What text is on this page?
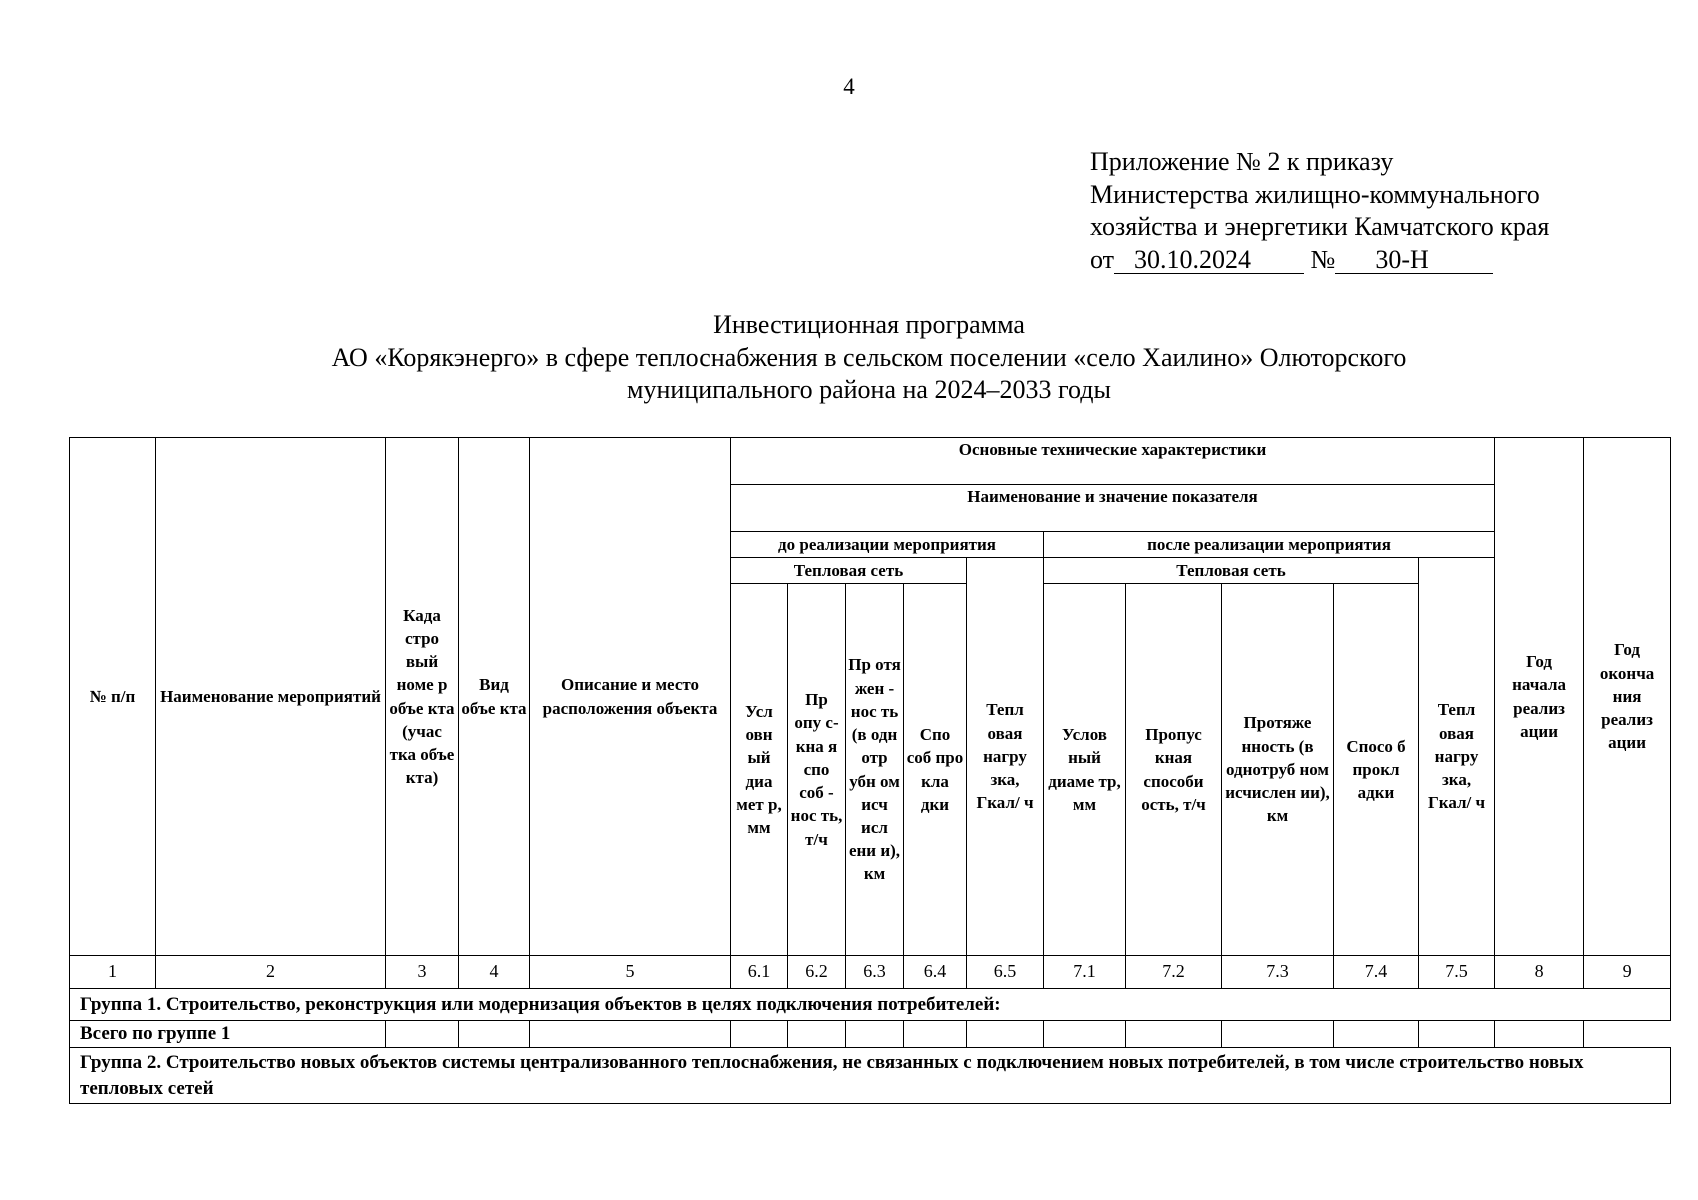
4
Приложение № 2 к приказу
Министерства жилищно-коммунального
хозяйства и энергетики Камчатского края
от 30.10.2024 № 30-Н
Инвестиционная программа
АО «Корякэнерго» в сфере теплоснабжения в сельском поселении «село Хаилино» Олюторского
муниципального района на 2024–2033 годы
№ п/п	Наименование мероприятий	Када стро вый номе р объе кта (учас тка объе кта)	Вид объе кта	Описание и место расположения объекта	Основные технические характеристики										Год начала реализ ации	Год оконча ния реализ ации
					Наименование и значение показателя											
					до реализации мероприятия					после реализации мероприятия						
					Тепловая сеть				Тепл овая нагру зка, Гкал/ ч	Тепловая сеть				Тепл овая нагру зка, Гкал/ ч		
					Усл овн ый диа мет р, мм	Пр опу с- кна я спо соб - нос ть, т/ч	Пр отя жен - нос ть (в одн отр убн ом исч исл ени и), км	Спо соб про кла дки		Услов ный диаме тр, мм	Пропус кная способи ость, т/ч	Протяже нность (в однотруб ном исчислен ии), км	Спосо б прокл адки			
1	2	3	4	5	6.1	6.2	6.3	6.4	6.5	7.1	7.2	7.3	7.4	7.5	8	9
Группа 1. Строительство, реконструкция или модернизация объектов в целях подключения потребителей:																
Всего по группе 1																
Группа 2. Строительство новых объектов системы централизованного теплоснабжения, не связанных с подключением новых потребителей, в том числе строительство новых тепловых сетей																
